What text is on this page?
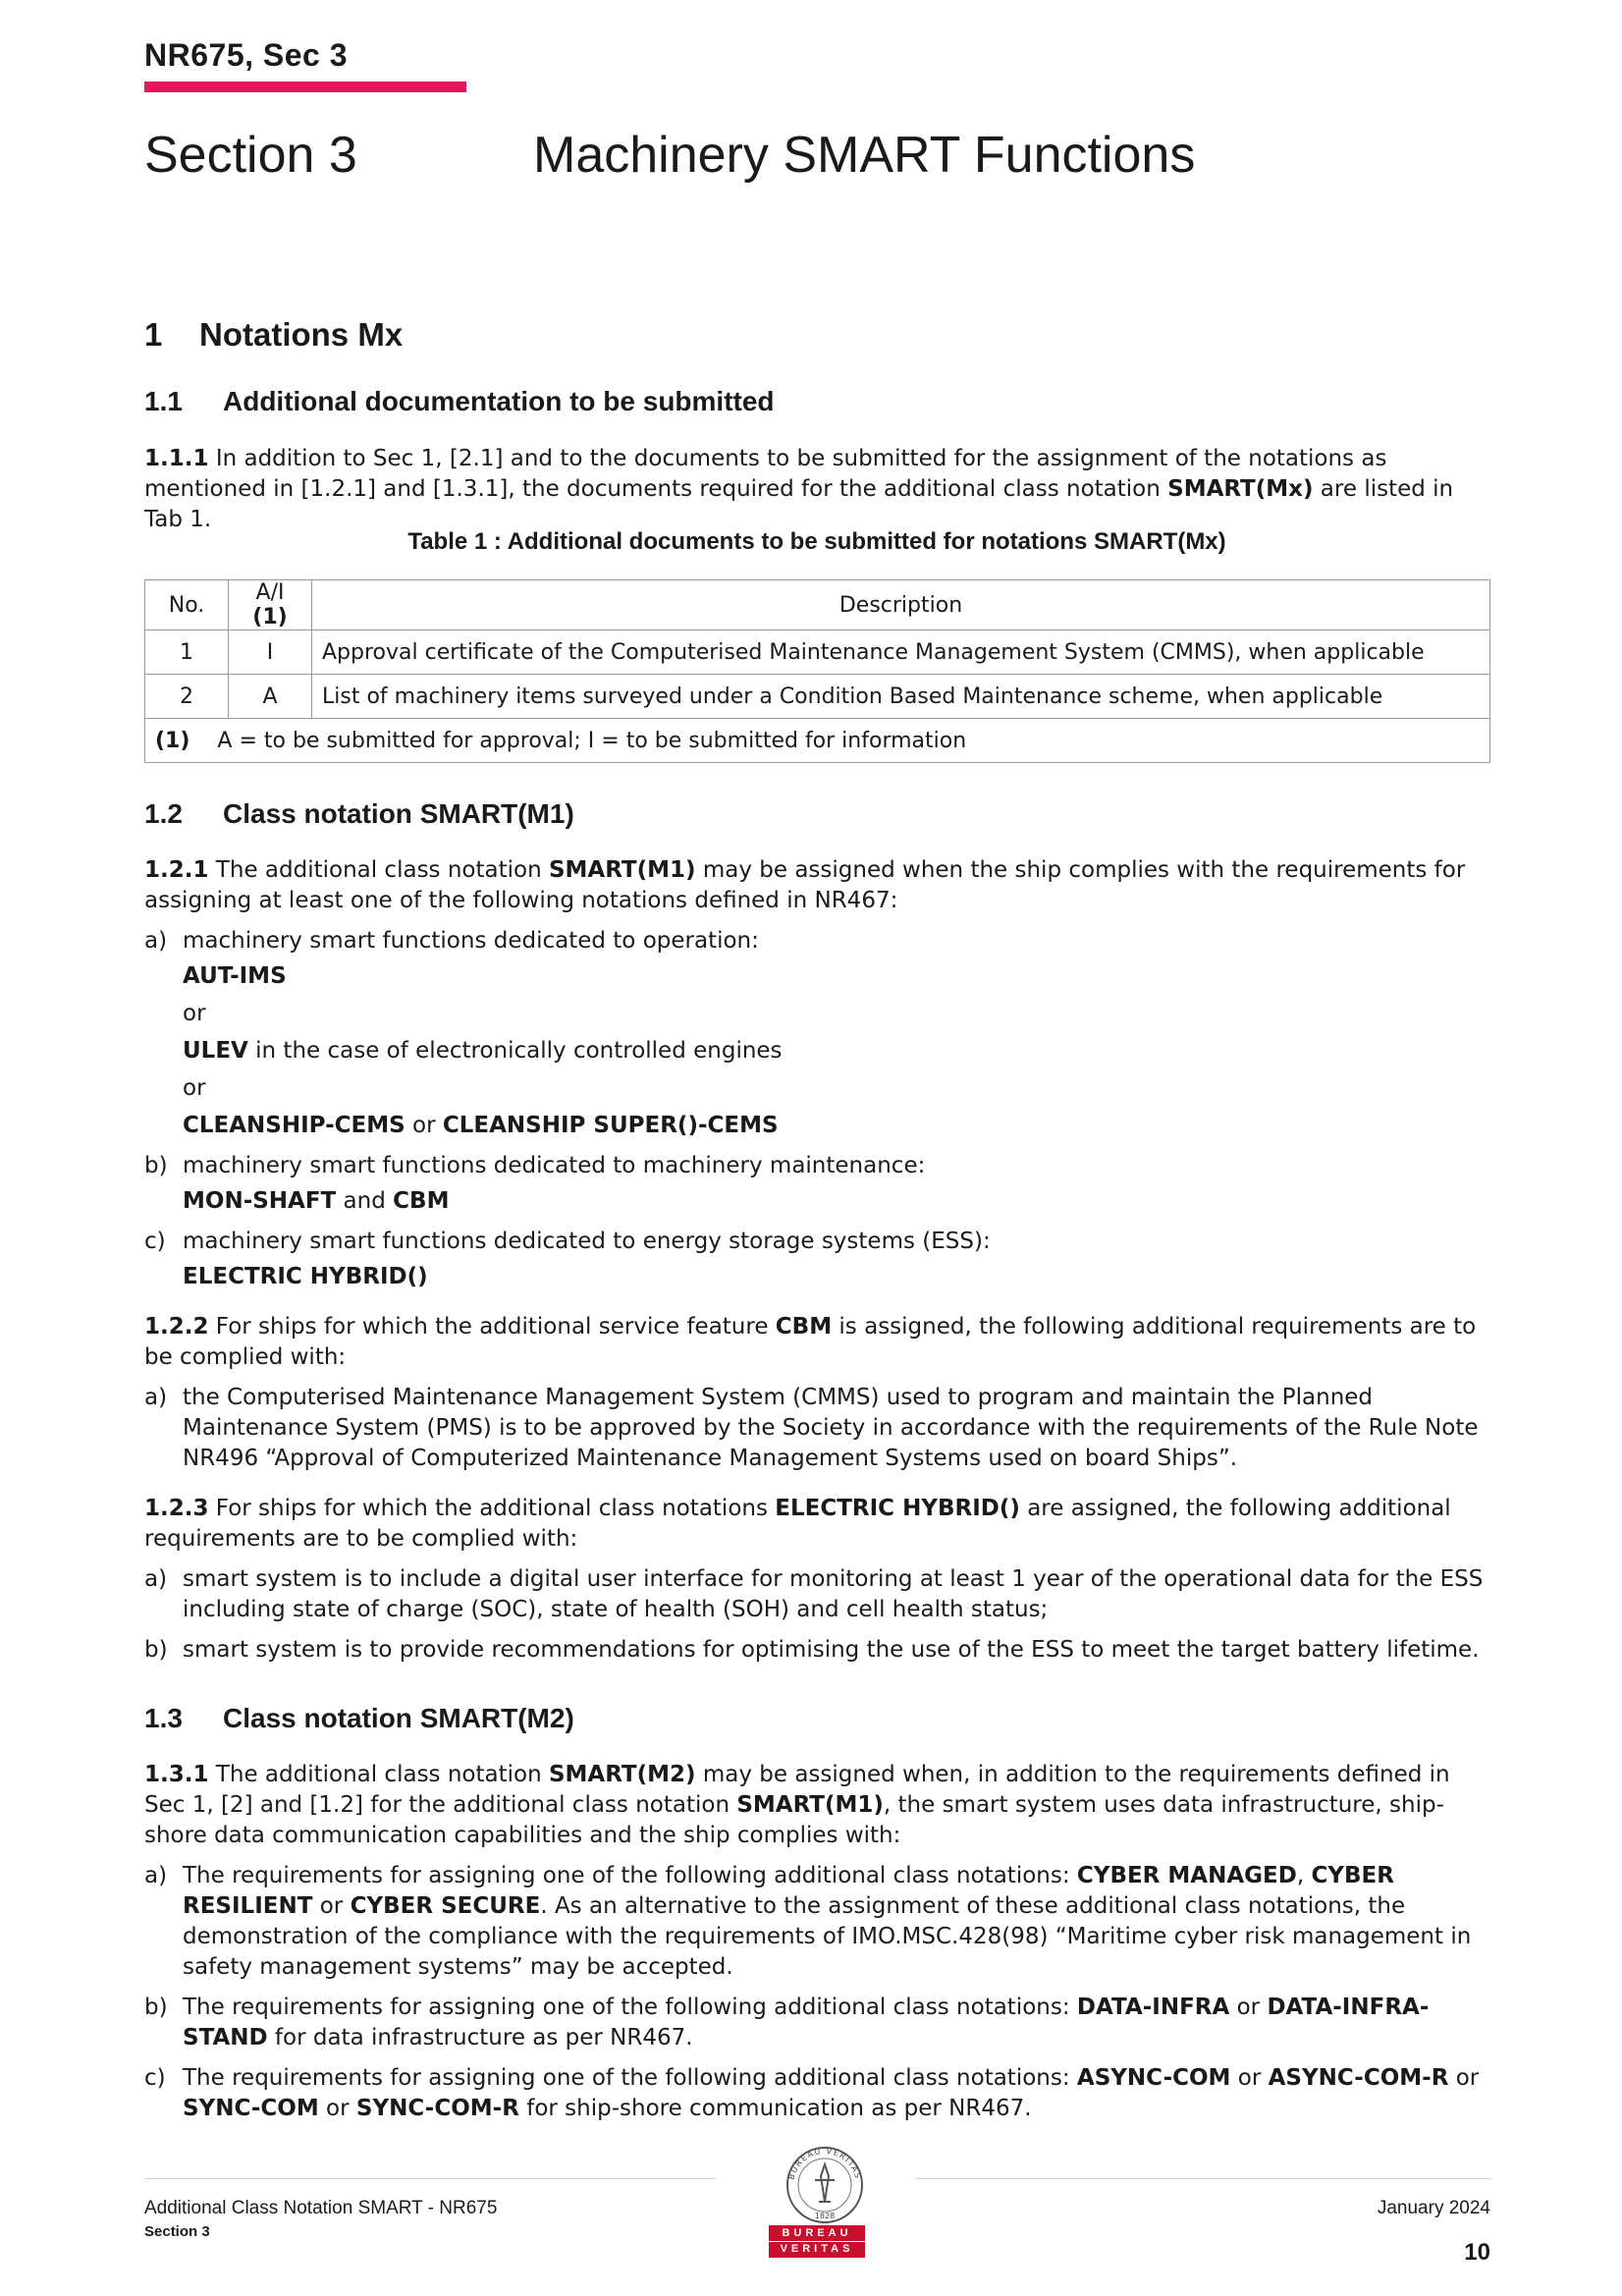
NR675, Sec 3
Section 3	Machinery SMART Functions
1 Notations Mx
1.1 Additional documentation to be submitted

1.1.1 In addition to Sec 1, [2.1] and to the documents to be submitted for the assignment of the notations as mentioned in [1.2.1] and [1.3.1], the documents required for the additional class notation SMART(Mx) are listed in Tab 1.

Table 1 : Additional documents to be submitted for notations SMART(Mx)
No.	A/I (1)	Description
1	I	Approval certificate of the Computerised Maintenance Management System (CMMS), when applicable
2	A	List of machinery items surveyed under a Condition Based Maintenance scheme, when applicable
(1) A = to be submitted for approval; I = to be submitted for information		
1.2 Class notation SMART(M1)

1.2.1 The additional class notation SMART(M1) may be assigned when the ship complies with the requirements for assigning at least one of the following notations defined in NR467:

a) machinery smart functions dedicated to operation:
AUT-IMS
or
ULEV in the case of electronically controlled engines
or
CLEANSHIP-CEMS or CLEANSHIP SUPER()-CEMS
b) machinery smart functions dedicated to machinery maintenance:
MON-SHAFT and CBM
c) machinery smart functions dedicated to energy storage systems (ESS):
ELECTRIC HYBRID()

1.2.2 For ships for which the additional service feature CBM is assigned, the following additional requirements are to be complied with:

a) the Computerised Maintenance Management System (CMMS) used to program and maintain the Planned Maintenance System (PMS) is to be approved by the Society in accordance with the requirements of the Rule Note NR496 “Approval of Computerized Maintenance Management Systems used on board Ships”.

1.2.3 For ships for which the additional class notations ELECTRIC HYBRID() are assigned, the following additional requirements are to be complied with:

a) smart system is to include a digital user interface for monitoring at least 1 year of the operational data for the ESS including state of charge (SOC), state of health (SOH) and cell health status;
b) smart system is to provide recommendations for optimising the use of the ESS to meet the target battery lifetime.
1.3 Class notation SMART(M2)

1.3.1 The additional class notation SMART(M2) may be assigned when, in addition to the requirements defined in Sec 1, [2] and [1.2] for the additional class notation SMART(M1), the smart system uses data infrastructure, ship-shore data communication capabilities and the ship complies with:

a) The requirements for assigning one of the following additional class notations: CYBER MANAGED, CYBER RESILIENT or CYBER SECURE. As an alternative to the assignment of these additional class notations, the demonstration of the compliance with the requirements of IMO.MSC.428(98) “Maritime cyber risk management in safety management systems” may be accepted.
b) The requirements for assigning one of the following additional class notations: DATA-INFRA or DATA-INFRA-STAND for data infrastructure as per NR467.
c) The requirements for assigning one of the following additional class notations: ASYNC-COM or ASYNC-COM-R or SYNC-COM or SYNC-COM-R for ship-shore communication as per NR467.
BUREAU VERITAS
1828
BUREAU
VERITAS
Additional Class Notation SMART - NR675
Section 3
January 2024
10
